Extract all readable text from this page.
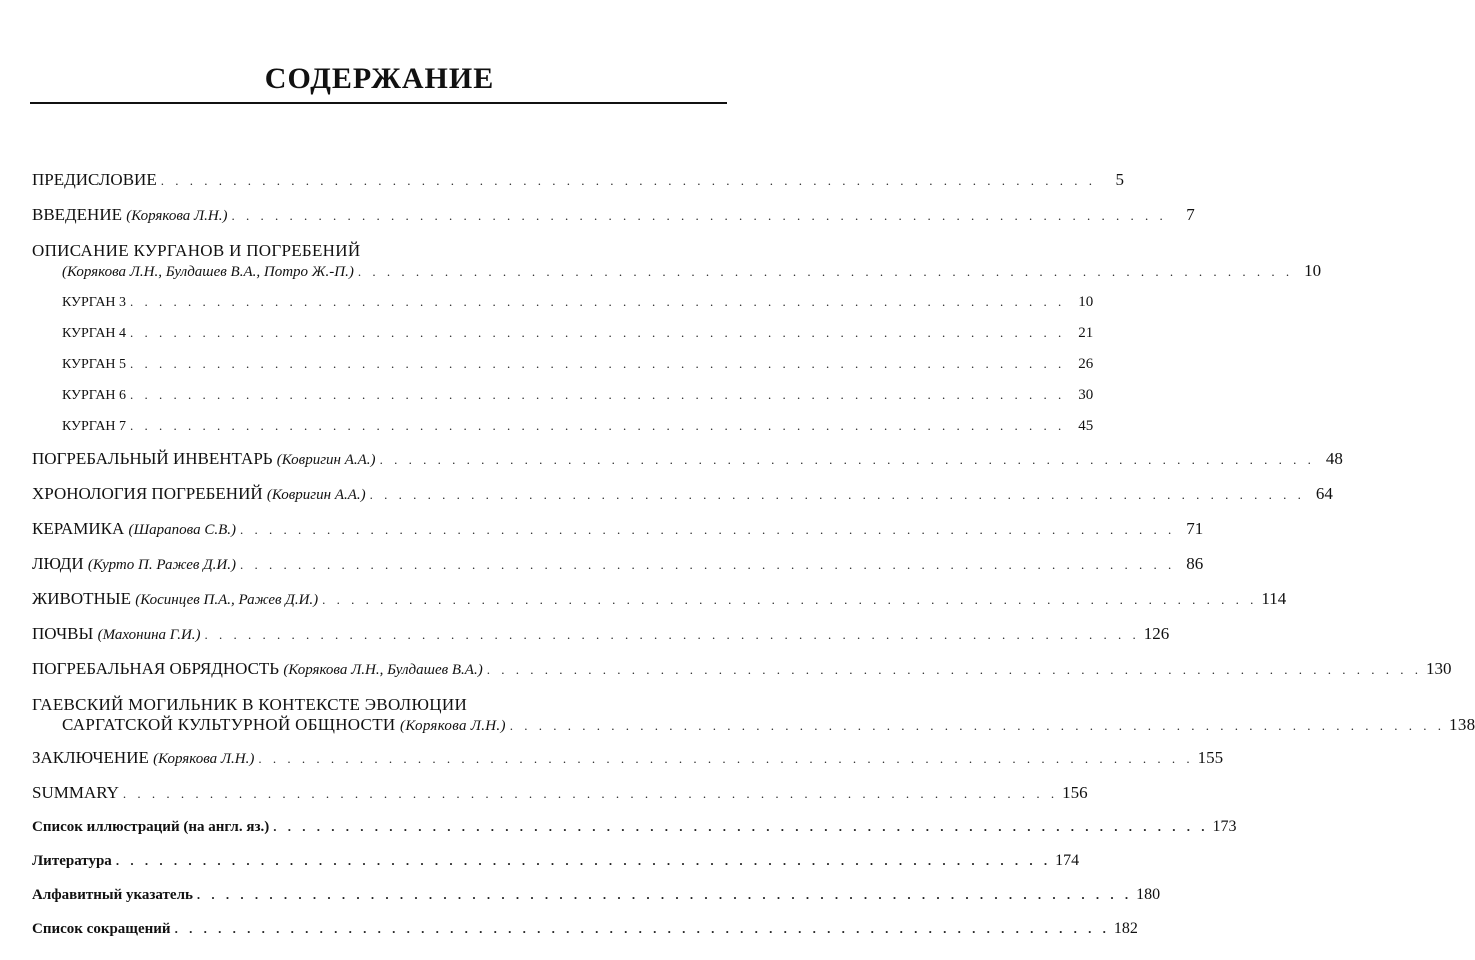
СОДЕРЖАНИЕ
ПРЕДИСЛОВИЕ . . . . . . . . . . . . . . . . . . . . . . . . . . . . . . . . . . . . . . . . . . . . . . . . . . . . . . . . . . . . . . . . .	5
ВВЕДЕНИЕ
(Корякова Л.Н.) . . . . . . . . . . . . . . . . . . . . . . . . . . . . . . . . . . . . . . . . . . . . . . . . . . . . . . . . . . . . . . . . .	7
ОПИСАНИЕ КУРГАНОВ И ПОГРЕБЕНИЙ
(Корякова Л.Н., Булдашев В.А., Потро Ж.-П.) . . . . . . . . . . . . . . . . . . . . . . . . . . . . . . . . . . . . . . . . . . . . . . . . . . . . . . . . . . . . . . . . . 10
КУРГАН 3 . . . . . . . . . . . . . . . . . . . . . . . . . . . . . . . . . . . . . . . . . . . . . . . . . . . . . . . . . . . . . . . . . 10
КУРГАН 4 . . . . . . . . . . . . . . . . . . . . . . . . . . . . . . . . . . . . . . . . . . . . . . . . . . . . . . . . . . . . . . . . . 21
КУРГАН 5 . . . . . . . . . . . . . . . . . . . . . . . . . . . . . . . . . . . . . . . . . . . . . . . . . . . . . . . . . . . . . . . . . 26
КУРГАН 6 . . . . . . . . . . . . . . . . . . . . . . . . . . . . . . . . . . . . . . . . . . . . . . . . . . . . . . . . . . . . . . . . . 30
КУРГАН 7 . . . . . . . . . . . . . . . . . . . . . . . . . . . . . . . . . . . . . . . . . . . . . . . . . . . . . . . . . . . . . . . . . 45
ПОГРЕБАЛЬНЫЙ ИНВЕНТАРЬ
(Ковригин А.А.) . . . . . . . . . . . . . . . . . . . . . . . . . . . . . . . . . . . . . . . . . . . . . . . . . . . . . . . . . . . . . . . . . 48
ХРОНОЛОГИЯ ПОГРЕБЕНИЙ
(Ковригин А.А.) . . . . . . . . . . . . . . . . . . . . . . . . . . . . . . . . . . . . . . . . . . . . . . . . . . . . . . . . . . . . . . . . . 64
КЕРАМИКА
(Шарапова С.В.) . . . . . . . . . . . . . . . . . . . . . . . . . . . . . . . . . . . . . . . . . . . . . . . . . . . . . . . . . . . . . . . . . 71
ЛЮДИ
(Курто П. Ражев Д.И.) . . . . . . . . . . . . . . . . . . . . . . . . . . . . . . . . . . . . . . . . . . . . . . . . . . . . . . . . . . . . . . . . . 86
ЖИВОТНЫЕ
(Косинцев П.А., Ражев Д.И.) . . . . . . . . . . . . . . . . . . . . . . . . . . . . . . . . . . . . . . . . . . . . . . . . . . . . . . . . . . . . . . . . . 114
ПОЧВЫ
(Махонина Г.И.) . . . . . . . . . . . . . . . . . . . . . . . . . . . . . . . . . . . . . . . . . . . . . . . . . . . . . . . . . . . . . . . . . 126
ПОГРЕБАЛЬНАЯ ОБРЯДНОСТЬ
(Корякова Л.Н., Булдашев В.А.) . . . . . . . . . . . . . . . . . . . . . . . . . . . . . . . . . . . . . . . . . . . . . . . . . . . . . . . . . . . . . . . . . 130
ГАЕВСКИЙ МОГИЛЬНИК В КОНТЕКСТЕ ЭВОЛЮЦИИ
САРГАТСКОЙ КУЛЬТУРНОЙ ОБЩНОСТИ
(Корякова Л.Н.) . . . . . . . . . . . . . . . . . . . . . . . . . . . . . . . . . . . . . . . . . . . . . . . . . . . . . . . . . . . . . . . . . 138
ЗАКЛЮЧЕНИЕ
(Корякова Л.Н.) . . . . . . . . . . . . . . . . . . . . . . . . . . . . . . . . . . . . . . . . . . . . . . . . . . . . . . . . . . . . . . . . . 155
SUMMARY . . . . . . . . . . . . . . . . . . . . . . . . . . . . . . . . . . . . . . . . . . . . . . . . . . . . . . . . . . . . . . . . . 156
Список иллюстраций (на англ. яз.) . . . . . . . . . . . . . . . . . . . . . . . . . . . . . . . . . . . . . . . . . . . . . . . . . . . . . . . . . . . . . . . . . 173
Литература . . . . . . . . . . . . . . . . . . . . . . . . . . . . . . . . . . . . . . . . . . . . . . . . . . . . . . . . . . . . . . . . . 174
Алфавитный указатель . . . . . . . . . . . . . . . . . . . . . . . . . . . . . . . . . . . . . . . . . . . . . . . . . . . . . . . . . . . . . . . . . 180
Список сокращений . . . . . . . . . . . . . . . . . . . . . . . . . . . . . . . . . . . . . . . . . . . . . . . . . . . . . . . . . . . . . . . . . 182
